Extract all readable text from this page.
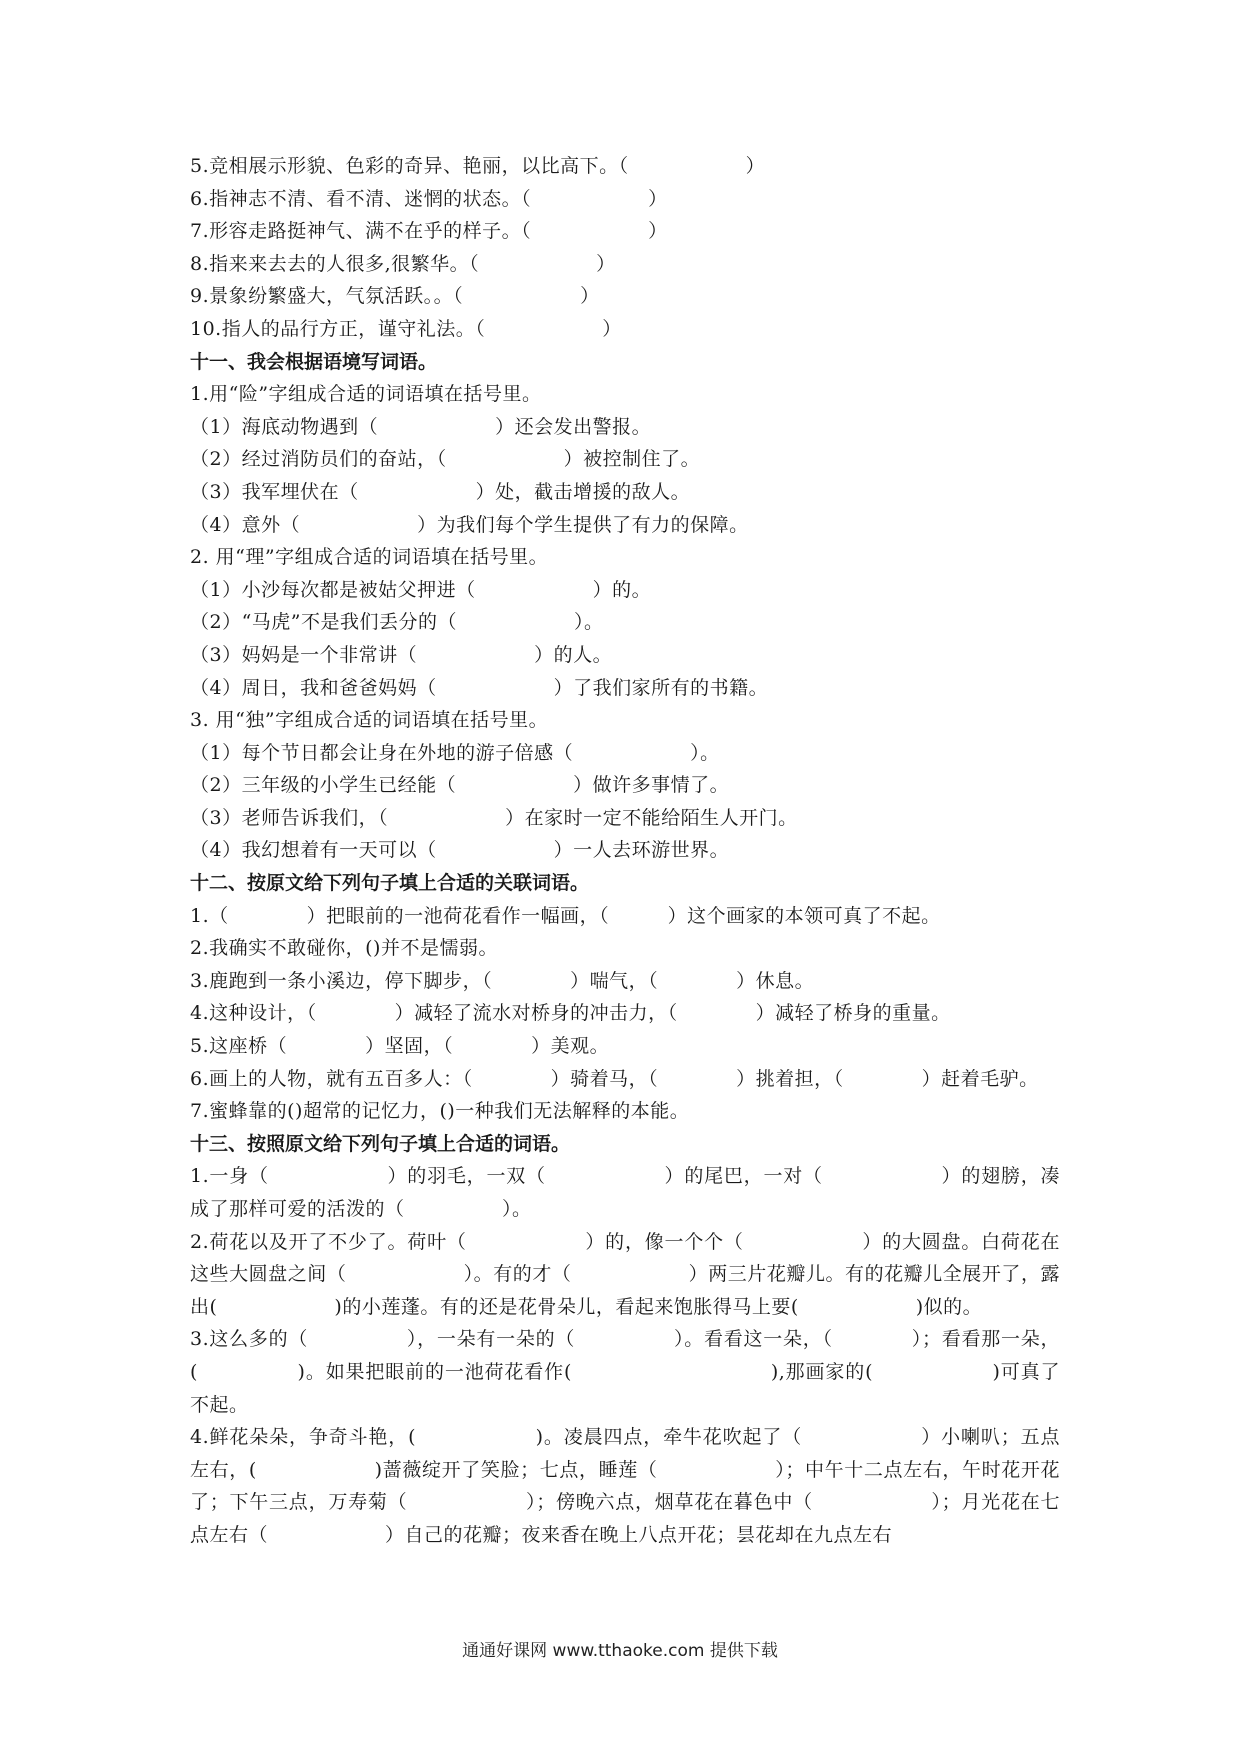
5.竞相展示形貌、色彩的奇异、艳丽，以比高下。（　　　　　　）
6.指神志不清、看不清、迷惘的状态。（　　　　　　）
7.形容走路挺神气、满不在乎的样子。（　　　　　　）
8.指来来去去的人很多,很繁华。（　　　　　　）
9.景象纷繁盛大，气氛活跃。。（　　　　　　）
10.指人的品行方正，谨守礼法。（　　　　　　）
十一、我会根据语境写词语。
1.用“险”字组成合适的词语填在括号里。
（1）海底动物遇到（　　　　　　）还会发出警报。
（2）经过消防员们的奋站，（　　　　　　）被控制住了。
（3）我军埋伏在（　　　　　　）处，截击增援的敌人。
（4）意外（　　　　　　）为我们每个学生提供了有力的保障。
2. 用“理”字组成合适的词语填在括号里。
（1）小沙每次都是被姑父押进（　　　　　　）的。
（2）“马虎”不是我们丢分的（　　　　　　）。
（3）妈妈是一个非常讲（　　　　　　）的人。
（4）周日，我和爸爸妈妈（　　　　　　）了我们家所有的书籍。
3. 用“独”字组成合适的词语填在括号里。
（1）每个节日都会让身在外地的游子倍感（　　　　　　）。
（2）三年级的小学生已经能（　　　　　　）做许多事情了。
（3）老师告诉我们，（　　　　　　）在家时一定不能给陌生人开门。
（4）我幻想着有一天可以（　　　　　　）一人去环游世界。
十二、按原文给下列句子填上合适的关联词语。
1.（　　　　）把眼前的一池荷花看作一幅画，（　　　）这个画家的本领可真了不起。
2.我确实不敢碰你，()并不是懦弱。
3.鹿跑到一条小溪边，停下脚步，（　　　　）喘气，（　　　　）休息。
4.这种设计，（　　　　）减轻了流水对桥身的冲击力，（　　　　）减轻了桥身的重量。
5.这座桥（　　　　）坚固，（　　　　）美观。
6.画上的人物，就有五百多人：（　　　　）骑着马，（　　　　）挑着担，（　　　　）赶着毛驴。
7.蜜蜂靠的()超常的记忆力，()一种我们无法解释的本能。
十三、按照原文给下列句子填上合适的词语。
1.一身（　　　　　　）的羽毛，一双（　　　　　　）的尾巴，一对（　　　　　　）的翅膀，凑成了那样可爱的活泼的（　　　　　）。
2.荷花以及开了不少了。荷叶（　　　　　　）的，像一个个（　　　　　　）的大圆盘。白荷花在这些大圆盘之间（　　　　　　）。有的才（　　　　　　）两三片花瓣儿。有的花瓣儿全展开了，露出(　　　　　　)的小莲蓬。有的还是花骨朵儿，看起来饱胀得马上要(　　　　　　)似的。
3.这么多的（　　　　　），一朵有一朵的（　　　　　）。看看这一朵，（　　　　）；看看那一朵，(　　　　　)。如果把眼前的一池荷花看作(　　　　　　　　　　),那画家的(　　　　　　)可真了不起。
4.鲜花朵朵，争奇斗艳，(　　　　　　)。凌晨四点，牵牛花吹起了（　　　　　　）小喇叭；五点左右，(　　　　　　)蔷薇绽开了笑脸；七点，睡莲（　　　　　　）；中午十二点左右，午时花开花了；下午三点，万寿菊（　　　　　　）；傍晚六点，烟草花在暮色中（　　　　　　）；月光花在七点左右（　　　　　　）自己的花瓣；夜来香在晚上八点开花；昙花却在九点左右
通通好课网 www.tthaoke.com 提供下载
